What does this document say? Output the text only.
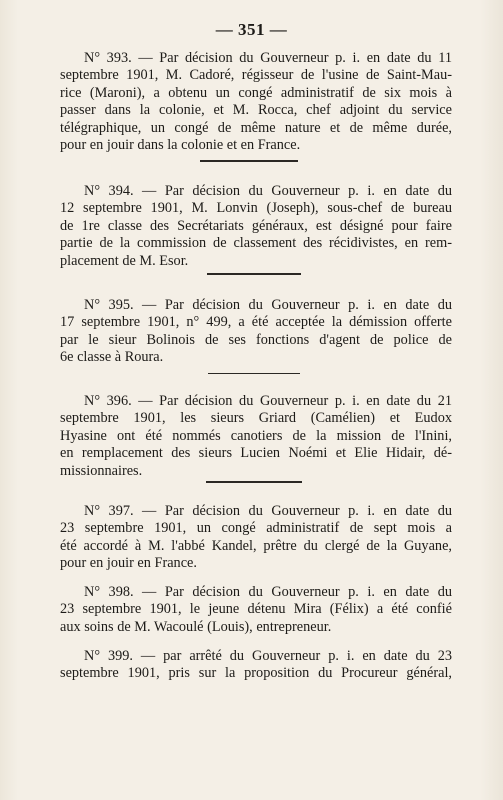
— 351 —
N° 393. — Par décision du Gouverneur p. i. en date du 11
septembre 1901, M. Cadoré, régisseur de l'usine de Saint-Mau-
rice (Maroni), a obtenu un congé administratif de six mois à
passer dans la colonie, et M. Rocca, chef adjoint du service
télégraphique, un congé de même nature et de même durée,
pour en jouir dans la colonie et en France.
N° 394. — Par décision du Gouverneur p. i. en date du
12 septembre 1901, M. Lonvin (Joseph), sous-chef de bureau
de 1re classe des Secrétariats généraux, est désigné pour faire
partie de la commission de classement des récidivistes, en rem-
placement de M. Esor.
N° 395. — Par décision du Gouverneur p. i. en date du
17 septembre 1901, n° 499, a été acceptée la démission offerte
par le sieur Bolinois de ses fonctions d'agent de police de
6e classe à Roura.
N° 396. — Par décision du Gouverneur p. i. en date du 21
septembre 1901, les sieurs Griard (Camélien) et Eudox
Hyasine ont été nommés canotiers de la mission de l'Inini,
en remplacement des sieurs Lucien Noémi et Elie Hidair, dé-
missionnaires.
N° 397. — Par décision du Gouverneur p. i. en date du
23 septembre 1901, un congé administratif de sept mois a
été accordé à M. l'abbé Kandel, prêtre du clergé de la Guyane,
pour en jouir en France.
N° 398. — Par décision du Gouverneur p. i. en date du
23 septembre 1901, le jeune détenu Mira (Félix) a été confié
aux soins de M. Wacoulé (Louis), entrepreneur.
N° 399. — par arrêté du Gouverneur p. i. en date du 23
septembre 1901, pris sur la proposition du Procureur général,
